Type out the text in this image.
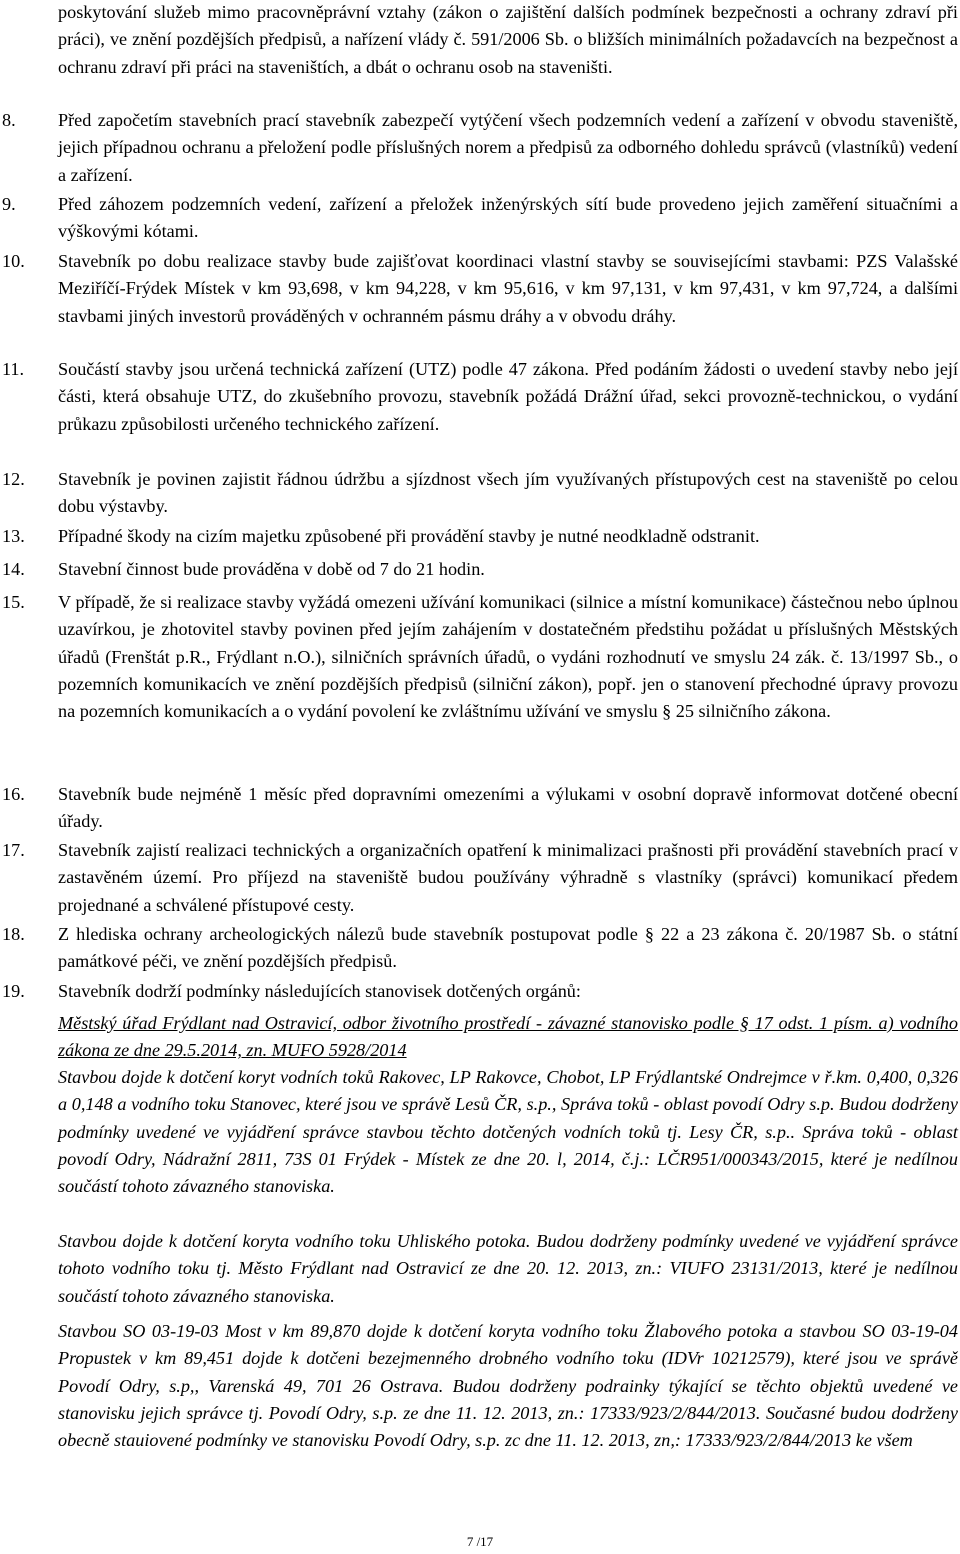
poskytování služeb mimo pracovněprávní vztahy (zákon o zajištění dalších podmínek bezpečnosti a ochrany zdraví při práci), ve znění pozdějších předpisů, a nařízení vlády č. 591/2006 Sb. o bližších minimálních požadavcích na bezpečnost a ochranu zdraví při práci na staveništích, a dbát o ochranu osob na staveništi.

8. Před započetím stavebních prací stavebník zabezpečí vytýčení všech podzemních vedení a zařízení v obvodu staveniště, jejich případnou ochranu a přeložení podle příslušných norem a předpisů za odborného dohledu správců (vlastníků) vedení a zařízení.
9. Před záhozem podzemních vedení, zařízení a přeložek inženýrských sítí bude provedeno jejich zaměření situačními a výškovými kótami.
10. Stavebník po dobu realizace stavby bude zajišťovat koordinaci vlastní stavby se souvisejícími stavbami: PZS Valašské Meziříčí-Frýdek Místek v km 93,698, v km 94,228, v km 95,616, v km 97,131, v km 97,431, v km 97,724, a dalšími stavbami jiných investorů prováděných v ochranném pásmu dráhy a v obvodu dráhy.
11. Součástí stavby jsou určená technická zařízení (UTZ) podle 47 zákona. Před podáním žádosti o uvedení stavby nebo její části, která obsahuje UTZ, do zkušebního provozu, stavebník požádá Drážní úřad, sekci provozně-technickou, o vydání průkazu způsobilosti určeného technického zařízení.
12. Stavebník je povinen zajistit řádnou údržbu a sjízdnost všech jím využívaných přístupových cest na staveniště po celou dobu výstavby.
13. Případné škody na cizím majetku způsobené při provádění stavby je nutné neodkladně odstranit.
14. Stavební činnost bude prováděna v době od 7 do 21 hodin.
15. V případě, že si realizace stavby vyžádá omezeni užívání komunikaci (silnice a místní komunikace) částečnou nebo úplnou uzavírkou, je zhotovitel stavby povinen před jejím zahájením v dostatečném předstihu požádat u příslušných Městských úřadů (Frenštát p.R., Frýdlant n.O.), silničních správních úřadů, o vydáni rozhodnutí ve smyslu 24 zák. č. 13/1997 Sb., o pozemních komunikacích ve znění pozdějších předpisů (silniční zákon), popř. jen o stanovení přechodné úpravy provozu na pozemních komunikacích a o vydání povolení ke zvláštnímu užívání ve smyslu § 25 silničního zákona.
16. Stavebník bude nejméně 1 měsíc před dopravními omezeními a výlukami v osobní dopravě informovat dotčené obecní úřady.
17. Stavebník zajistí realizaci technických a organizačních opatření k minimalizaci prašnosti při provádění stavebních prací v zastavěném území. Pro příjezd na staveniště budou používány výhradně s vlastníky (správci) komunikací předem projednané a schválené přístupové cesty.
18. Z hlediska ochrany archeologických nálezů bude stavebník postupovat podle § 22 a 23 zákona č. 20/1987 Sb. o státní památkové péči, ve znění pozdějších předpisů.
19. Stavebník dodrží podmínky následujících stanovisek dotčených orgánů:

Městský úřad Frýdlant nad Ostravicí, odbor životního prostředí - závazné stanovisko podle § 17 odst. 1 písm. a) vodního zákona ze dne 29.5.2014, zn. MUFO 5928/2014

Stavbou dojde k dotčení koryt vodních toků Rakovec, LP Rakovce, Chobot, LP Frýdlantské Ondrejmce v ř.km. 0,400, 0,326 a 0,148 a vodního toku Stanovec, které jsou ve správě Lesů ČR, s.p., Správa toků - oblast povodí Odry s.p. Budou dodrženy podmínky uvedené ve vyjádření správce stavbou těchto dotčených vodních toků tj. Lesy ČR, s.p.. Správa toků - oblast povodí Odry, Nádražní 2811, 73S 01 Frýdek - Místek ze dne 20. l, 2014, č.j.: LČR951/000343/2015, které je nedílnou součástí tohoto závazného stanoviska.

Stavbou dojde k dotčení koryta vodního toku Uhliského potoka. Budou dodrženy podmínky uvedené ve vyjádření správce tohoto vodního toku tj. Město Frýdlant nad Ostravicí ze dne 20. 12. 2013, zn.: VIUFO 23131/2013, které je nedílnou součástí tohoto závazného stanoviska.

Stavbou SO 03-19-03 Most v km 89,870 dojde k dotčení koryta vodního toku Žlabového potoka a stavbou SO 03-19-04 Propustek v km 89,451 dojde k dotčeni bezejmenného drobného vodního toku (IDVr 10212579), které jsou ve správě Povodí Odry, s.p,, Varenská 49, 701 26 Ostrava. Budou dodrženy podrainky týkající se těchto objektů uvedené ve stanovisku jejich správce tj. Povodí Odry, s.p. ze dne 11. 12. 2013, zn.: 17333/923/2/844/2013. Současné budou dodrženy obecně stauiovené podmínky ve stanovisku Povodí Odry, s.p. zc dne 11. 12. 2013, zn,: 17333/923/2/844/2013 ke všem

7 /17
